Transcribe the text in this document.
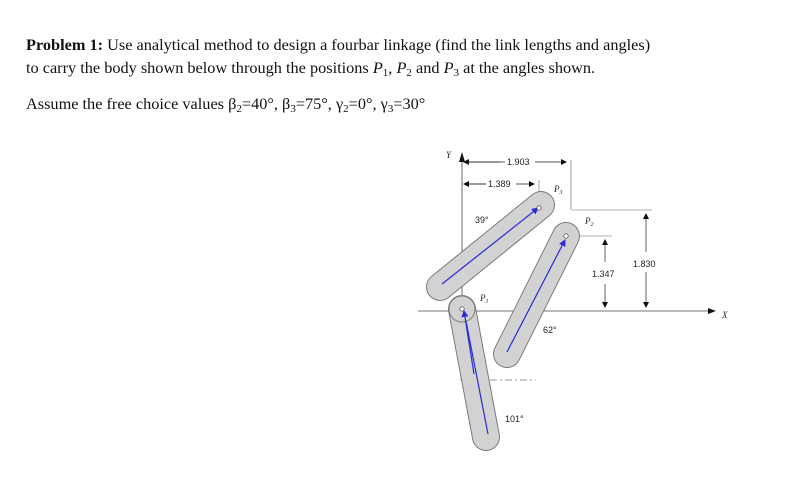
Problem 1: Use analytical method to design a fourbar linkage (find the link lengths and angles)
to carry the body shown below through the positions $P_1$, $P_2$ and $P_3$ at the angles shown.
Assume the free choice values $\beta_2=40^\circ$, $\beta_3=75^\circ$, $\gamma_2=0^\circ$, $\gamma_3=30^\circ$
Y
X
1.903
1.389
1.347
1.830
39°
62°
101°
$P_1$
$P_2$
$P_3$
